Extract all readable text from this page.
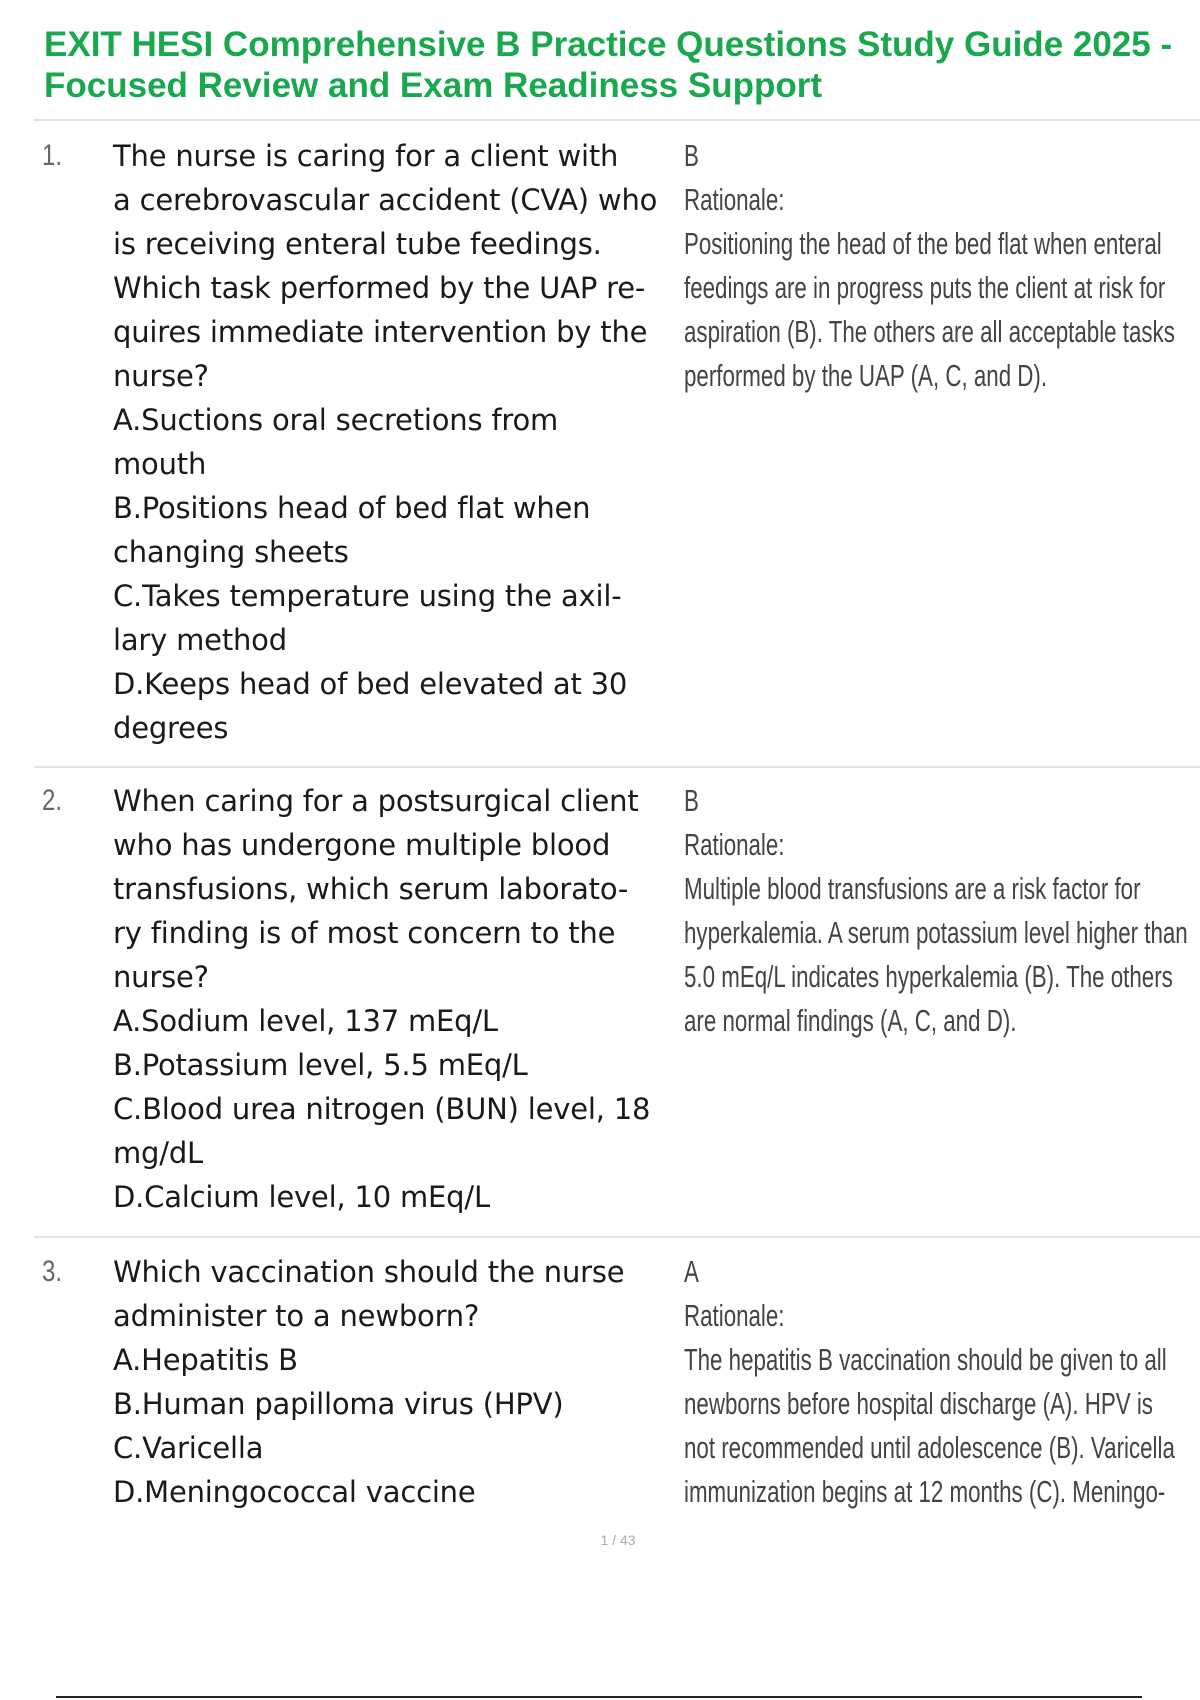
EXIT HESI Comprehensive B Practice Questions Study Guide 2025 -
Focused Review and Exam Readiness Support
1. The nurse is caring for a client with
a cerebrovascular accident (CVA) who
is receiving enteral tube feedings.
Which task performed by the UAP re-
quires immediate intervention by the
nurse?
A.Suctions oral secretions from
mouth
B.Positions head of bed flat when
changing sheets
C.Takes temperature using the axil-
lary method
D.Keeps head of bed elevated at 30
degrees
B
Rationale:
Positioning the head of the bed flat when enteral
feedings are in progress puts the client at risk for
aspiration (B). The others are all acceptable tasks
performed by the UAP (A, C, and D).
2. When caring for a postsurgical client
who has undergone multiple blood
transfusions, which serum laborato-
ry finding is of most concern to the
nurse?
A.Sodium level, 137 mEq/L
B.Potassium level, 5.5 mEq/L
C.Blood urea nitrogen (BUN) level, 18
mg/dL
D.Calcium level, 10 mEq/L
B
Rationale:
Multiple blood transfusions are a risk factor for
hyperkalemia. A serum potassium level higher than
5.0 mEq/L indicates hyperkalemia (B). The others
are normal findings (A, C, and D).
3. Which vaccination should the nurse
administer to a newborn?
A.Hepatitis B
B.Human papilloma virus (HPV)
C.Varicella
D.Meningococcal vaccine
A
Rationale:
The hepatitis B vaccination should be given to all
newborns before hospital discharge (A). HPV is
not recommended until adolescence (B). Varicella
immunization begins at 12 months (C). Meningo-
1 / 43
